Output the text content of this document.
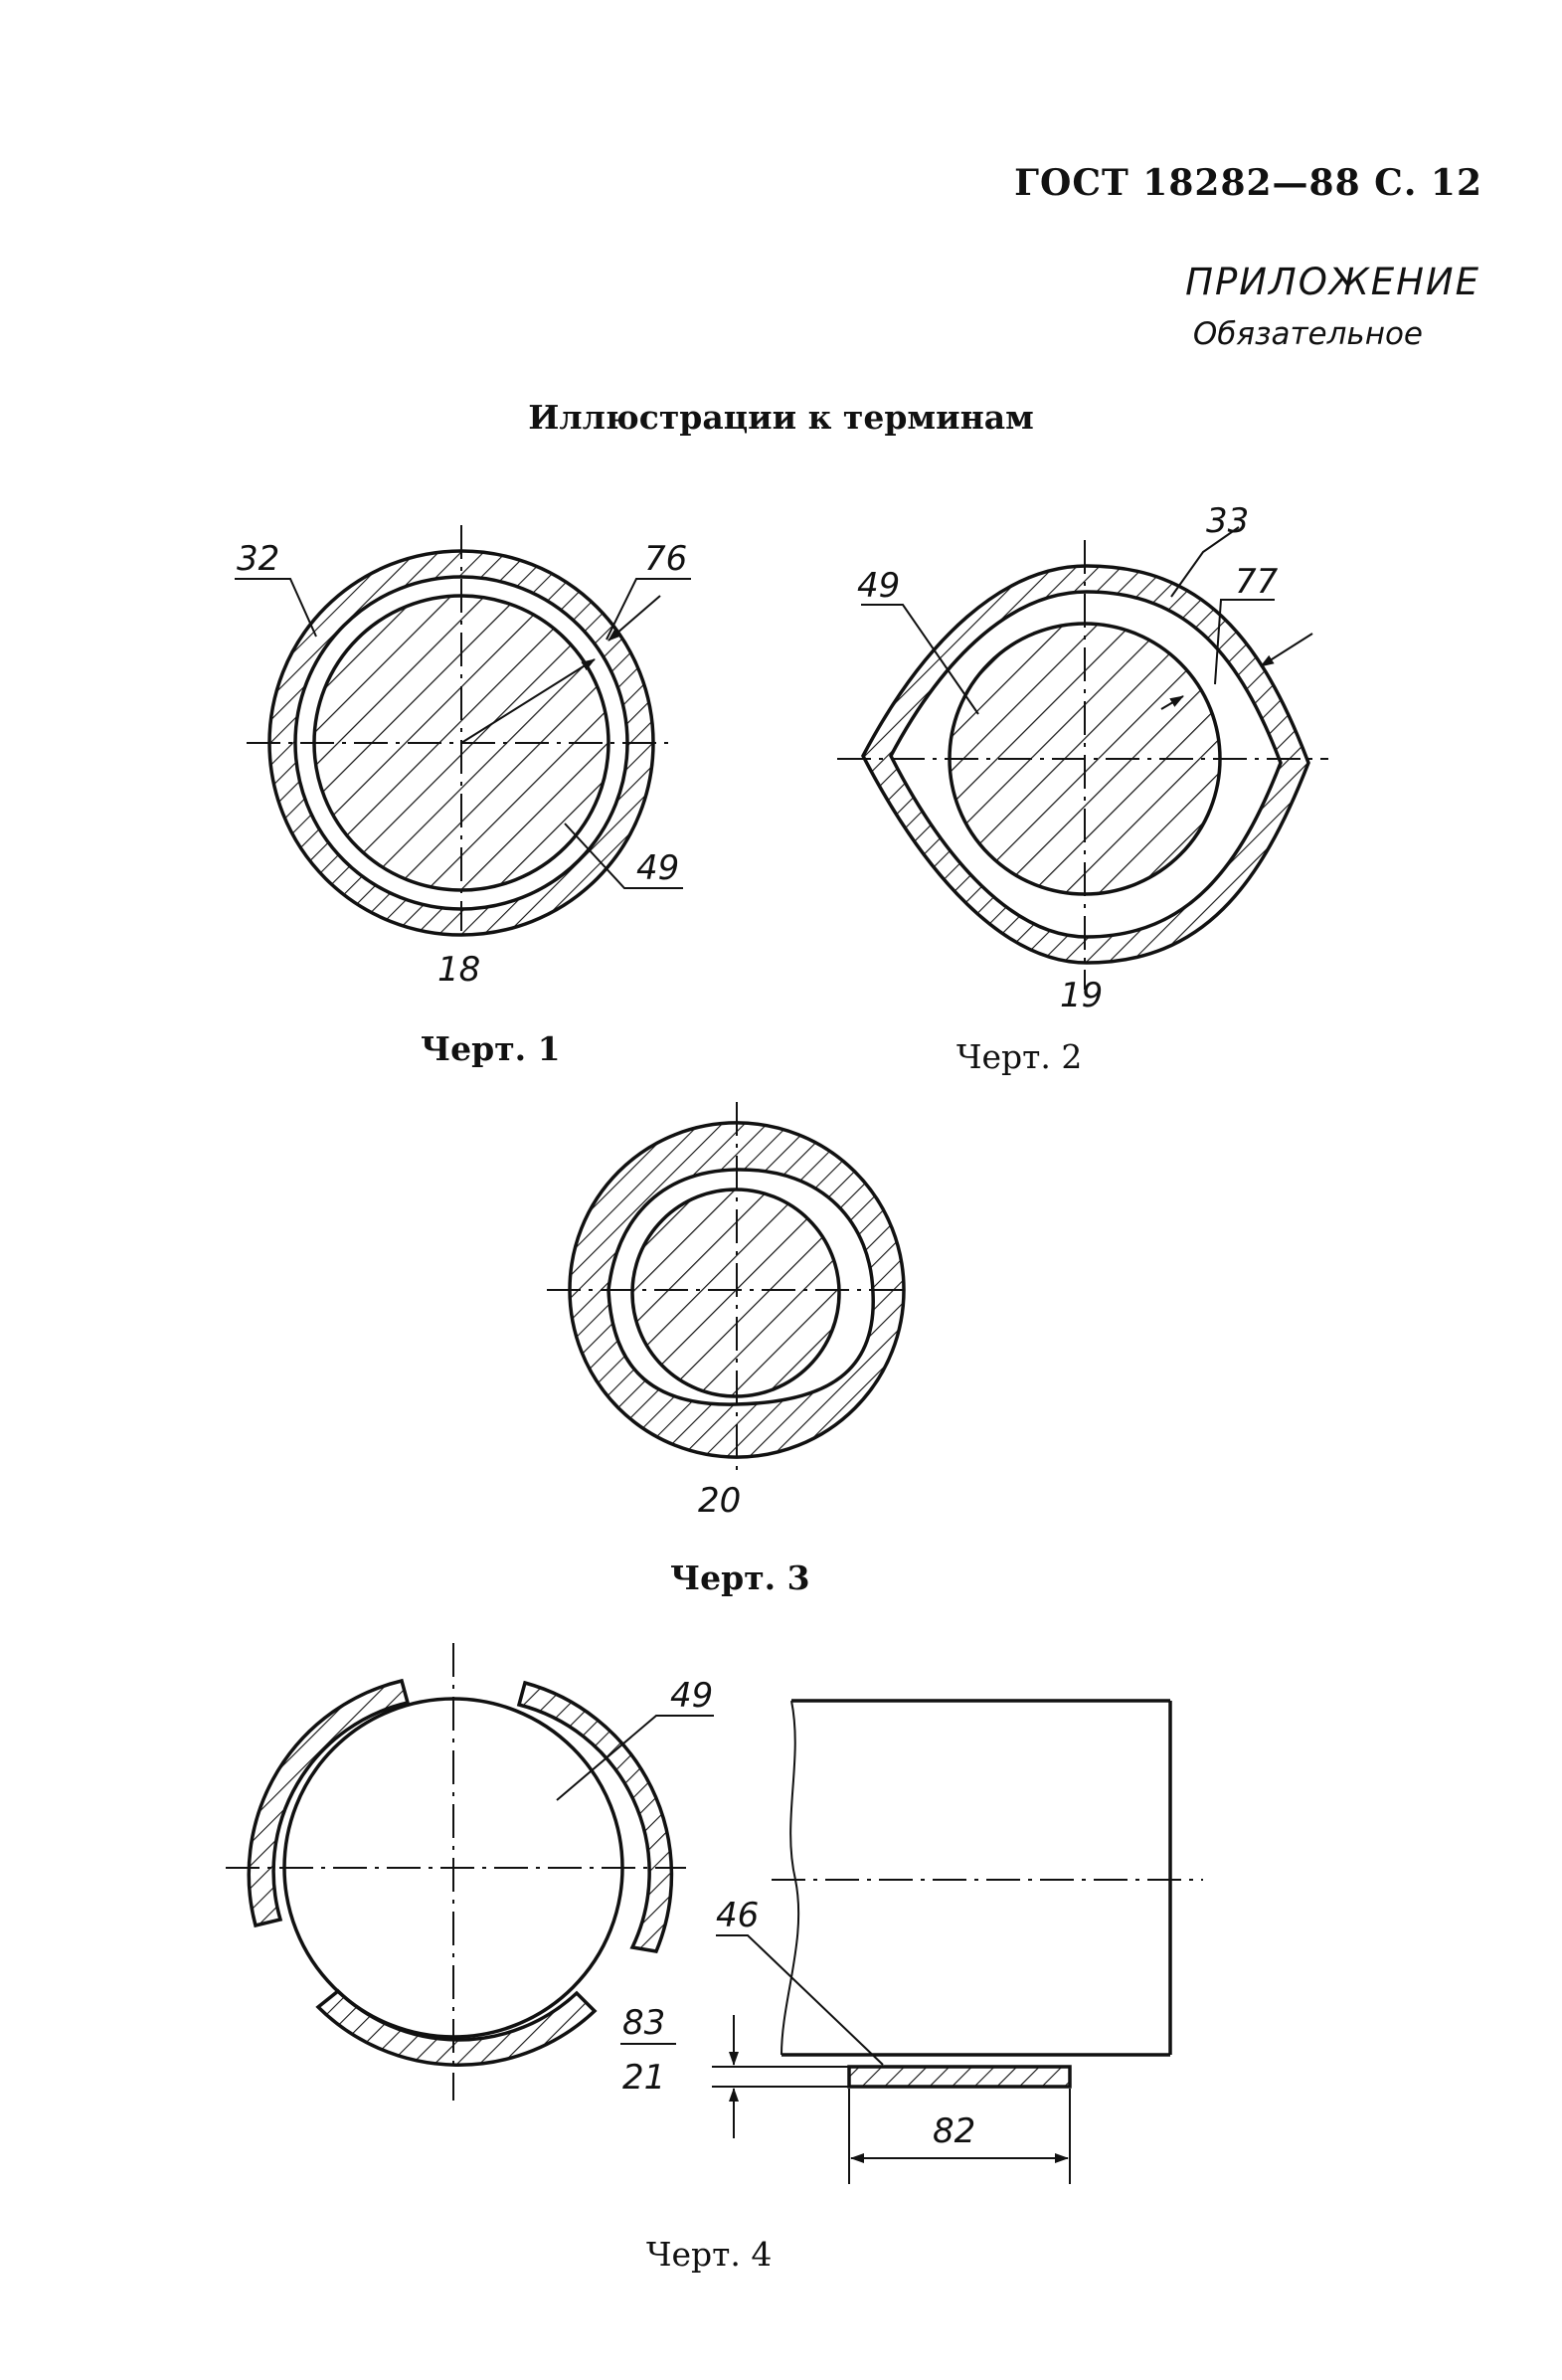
ГОСТ 18282—88 С. 12
ПРИЛОЖЕНИЕ
Обязательное
Иллюстрации к терминам
32	76
49
18
Черт. 1
33
49	77
19
Черт. 2
20
Черт. 3
49
46
83
21
82
Черт. 4
